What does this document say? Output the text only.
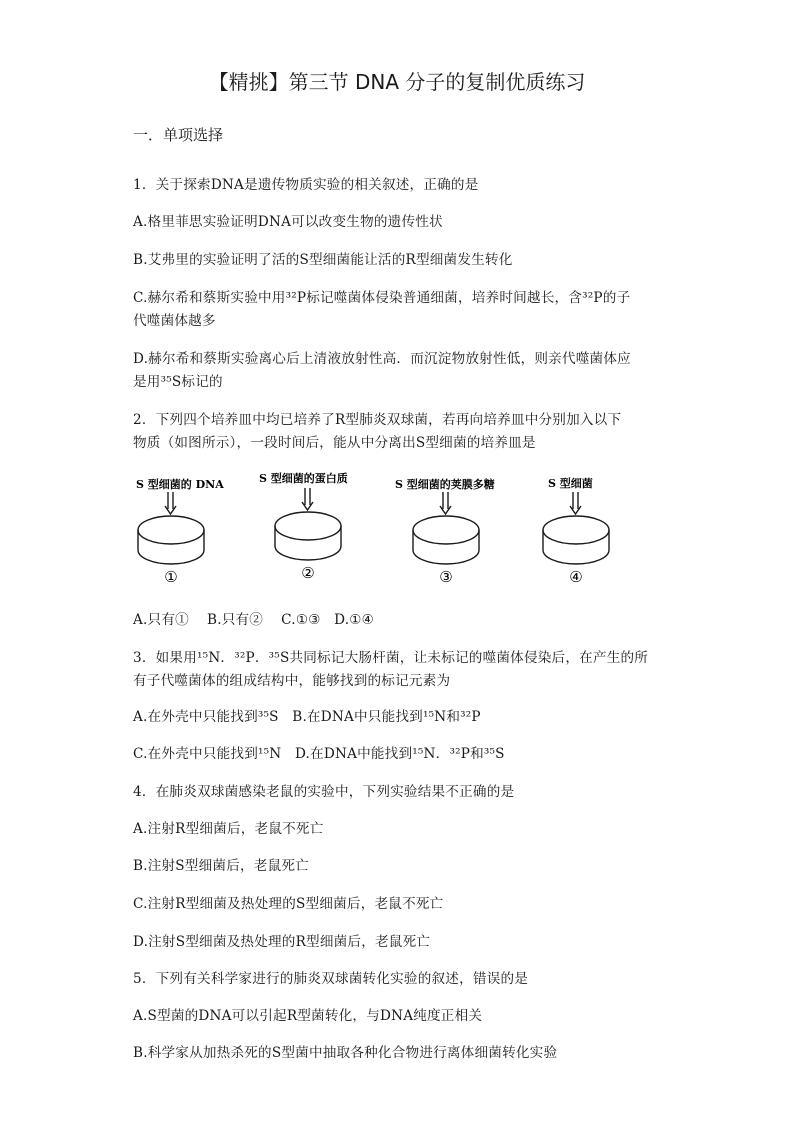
【精挑】第三节 DNA 分子的复制优质练习
一．单项选择
1．关于探索DNA是遗传物质实验的相关叙述，正确的是
A.格里菲思实验证明DNA可以改变生物的遗传性状
B.艾弗里的实验证明了活的S型细菌能让活的R型细菌发生转化
C.赫尔希和蔡斯实验中用³²P标记噬菌体侵染普通细菌，培养时间越长，含³²P的子
代噬菌体越多
D.赫尔希和蔡斯实验离心后上清液放射性高．而沉淀物放射性低，则亲代噬菌体应
是用³⁵S标记的
2．下列四个培养皿中均已培养了R型肺炎双球菌，若再向培养皿中分别加入以下
物质（如图所示），一段时间后，能从中分离出S型细菌的培养皿是
S 型细菌的 DNA	S 型细菌的蛋白质	S 型细菌的荚膜多糖	S 型细菌
①	②	③	④
A.只有①    B.只有②    C.①③   D.①④
3．如果用¹⁵N．³²P．³⁵S共同标记大肠杆菌，让未标记的噬菌体侵染后，在产生的所
有子代噬菌体的组成结构中，能够找到的标记元素为
A.在外壳中只能找到³⁵S   B.在DNA中只能找到¹⁵N和³²P
C.在外壳中只能找到¹⁵N   D.在DNA中能找到¹⁵N．³²P和³⁵S
4．在肺炎双球菌感染老鼠的实验中，下列实验结果不正确的是
A.注射R型细菌后，老鼠不死亡
B.注射S型细菌后，老鼠死亡
C.注射R型细菌及热处理的S型细菌后，老鼠不死亡
D.注射S型细菌及热处理的R型细菌后，老鼠死亡
5．下列有关科学家进行的肺炎双球菌转化实验的叙述，错误的是
A.S型菌的DNA可以引起R型菌转化，与DNA纯度正相关
B.科学家从加热杀死的S型菌中抽取各种化合物进行离体细菌转化实验
